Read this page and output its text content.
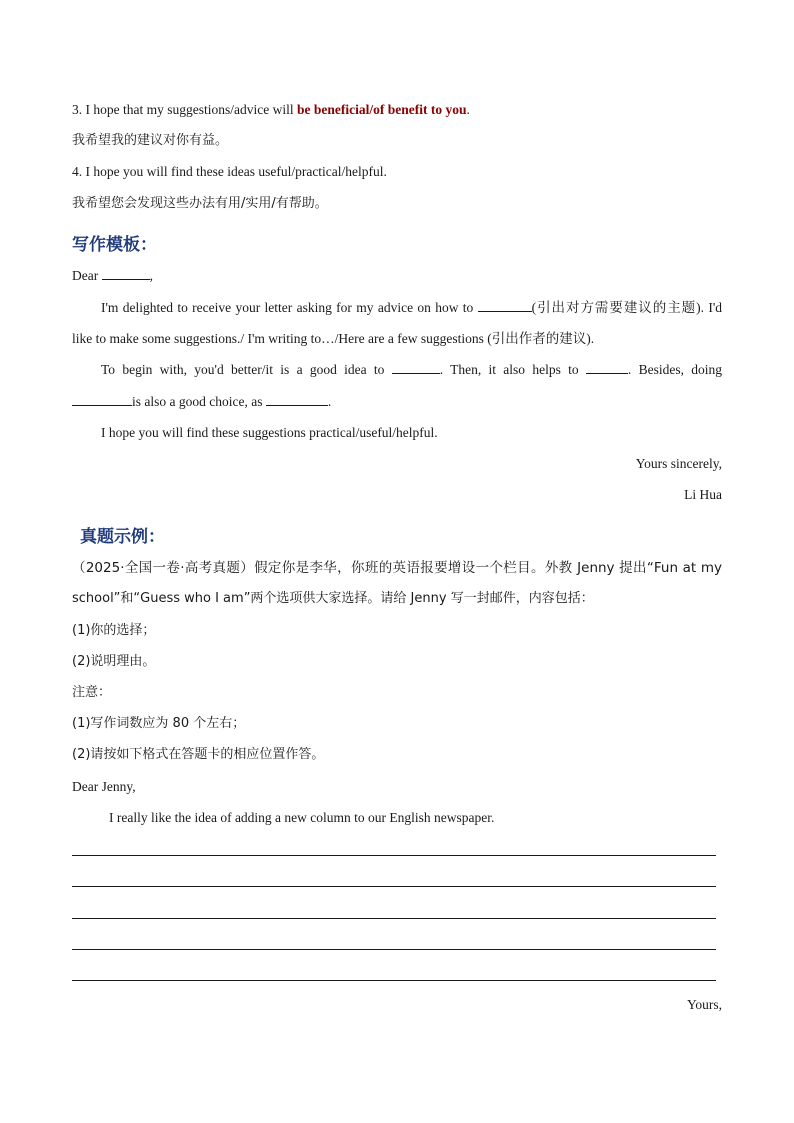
3. I hope that my suggestions/advice will be beneficial/of benefit to you.
我希望我的建议对你有益。
4. I hope you will find these ideas useful/practical/helpful.
我希望您会发现这些办法有用/实用/有帮助。
写作模板：
Dear	,
I'm delighted to receive your letter asking for my advice on how to	(引出对方需要建议的主题). I'd
like to make some suggestions./ I'm writing to…/Here are a few suggestions (引出作者的建议).
To begin with, you'd better/it is a good idea to	. Then, it also helps to	. Besides, doing
is also a good choice, as	.
I hope you will find these suggestions practical/useful/helpful.
Yours sincerely,
Li Hua
真题示例：
（2025·全国一卷·高考真题）假定你是李华，你班的英语报要增设一个栏目。外教 Jenny 提出“Fun at my
school”和“Guess who I am”两个选项供大家选择。请给 Jenny 写一封邮件，内容包括：
(1)你的选择；
(2)说明理由。
注意：
(1)写作词数应为 80 个左右；
(2)请按如下格式在答题卡的相应位置作答。
Dear Jenny,
I really like the idea of adding a new column to our English newspaper.
Yours,
